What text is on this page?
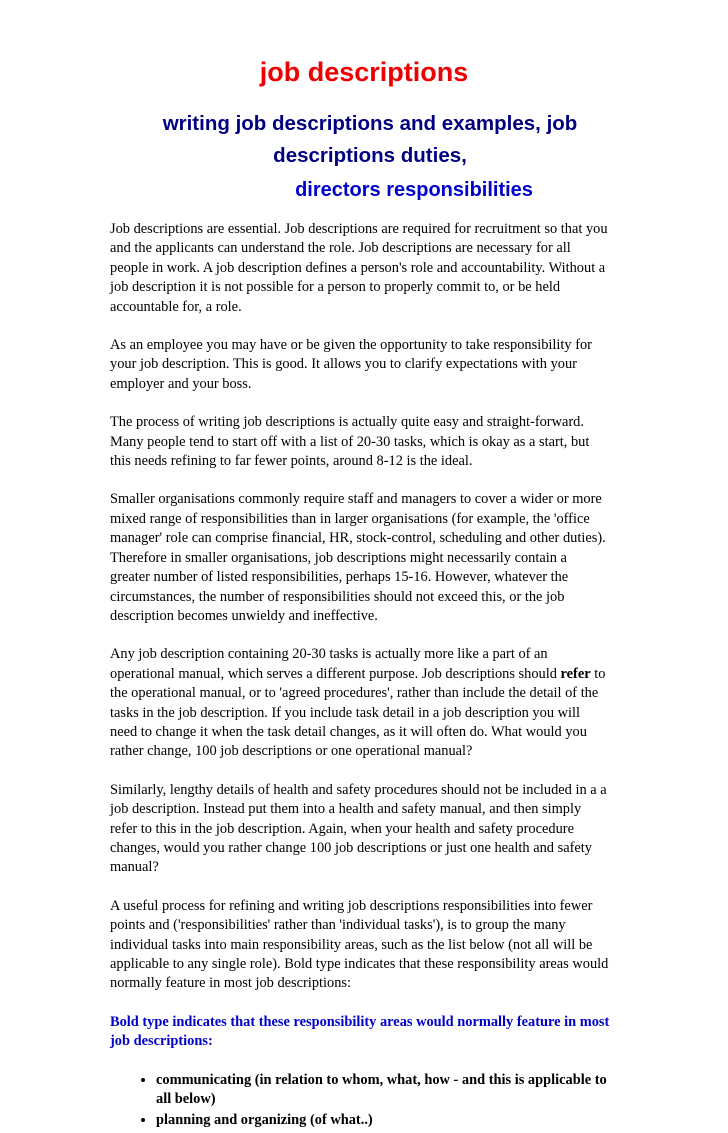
job descriptions
writing job descriptions and examples, job descriptions duties,
directors responsibilities

Job descriptions are essential. Job descriptions are required for recruitment so that you and the applicants can understand the role. Job descriptions are necessary for all people in work. A job description defines a person's role and accountability. Without a job description it is not possible for a person to properly commit to, or be held accountable for, a role.

As an employee you may have or be given the opportunity to take responsibility for your job description. This is good. It allows you to clarify expectations with your employer and your boss.

The process of writing job descriptions is actually quite easy and straight-forward. Many people tend to start off with a list of 20-30 tasks, which is okay as a start, but this needs refining to far fewer points, around 8-12 is the ideal.

Smaller organisations commonly require staff and managers to cover a wider or more mixed range of responsibilities than in larger organisations (for example, the 'office manager' role can comprise financial, HR, stock-control, scheduling and other duties). Therefore in smaller organisations, job descriptions might necessarily contain a greater number of listed responsibilities, perhaps 15-16. However, whatever the circumstances, the number of responsibilities should not exceed this, or the job description becomes unwieldy and ineffective.

Any job description containing 20-30 tasks is actually more like a part of an operational manual, which serves a different purpose. Job descriptions should refer to the operational manual, or to 'agreed procedures', rather than include the detail of the tasks in the job description. If you include task detail in a job description you will need to change it when the task detail changes, as it will often do. What would you rather change, 100 job descriptions or one operational manual?

Similarly, lengthy details of health and safety procedures should not be included in a a job description. Instead put them into a health and safety manual, and then simply refer to this in the job description. Again, when your health and safety procedure changes, would you rather change 100 job descriptions or just one health and safety manual?

A useful process for refining and writing job descriptions responsibilities into fewer points and ('responsibilities' rather than 'individual tasks'), is to group the many individual tasks into main responsibility areas, such as the list below (not all will be applicable to any single role). Bold type indicates that these responsibility areas would normally feature in most job descriptions:

Bold type indicates that these responsibility areas would normally feature in most job descriptions:

• communicating (in relation to whom, what, how - and this is applicable to all below)
• planning and organizing (of what..)
